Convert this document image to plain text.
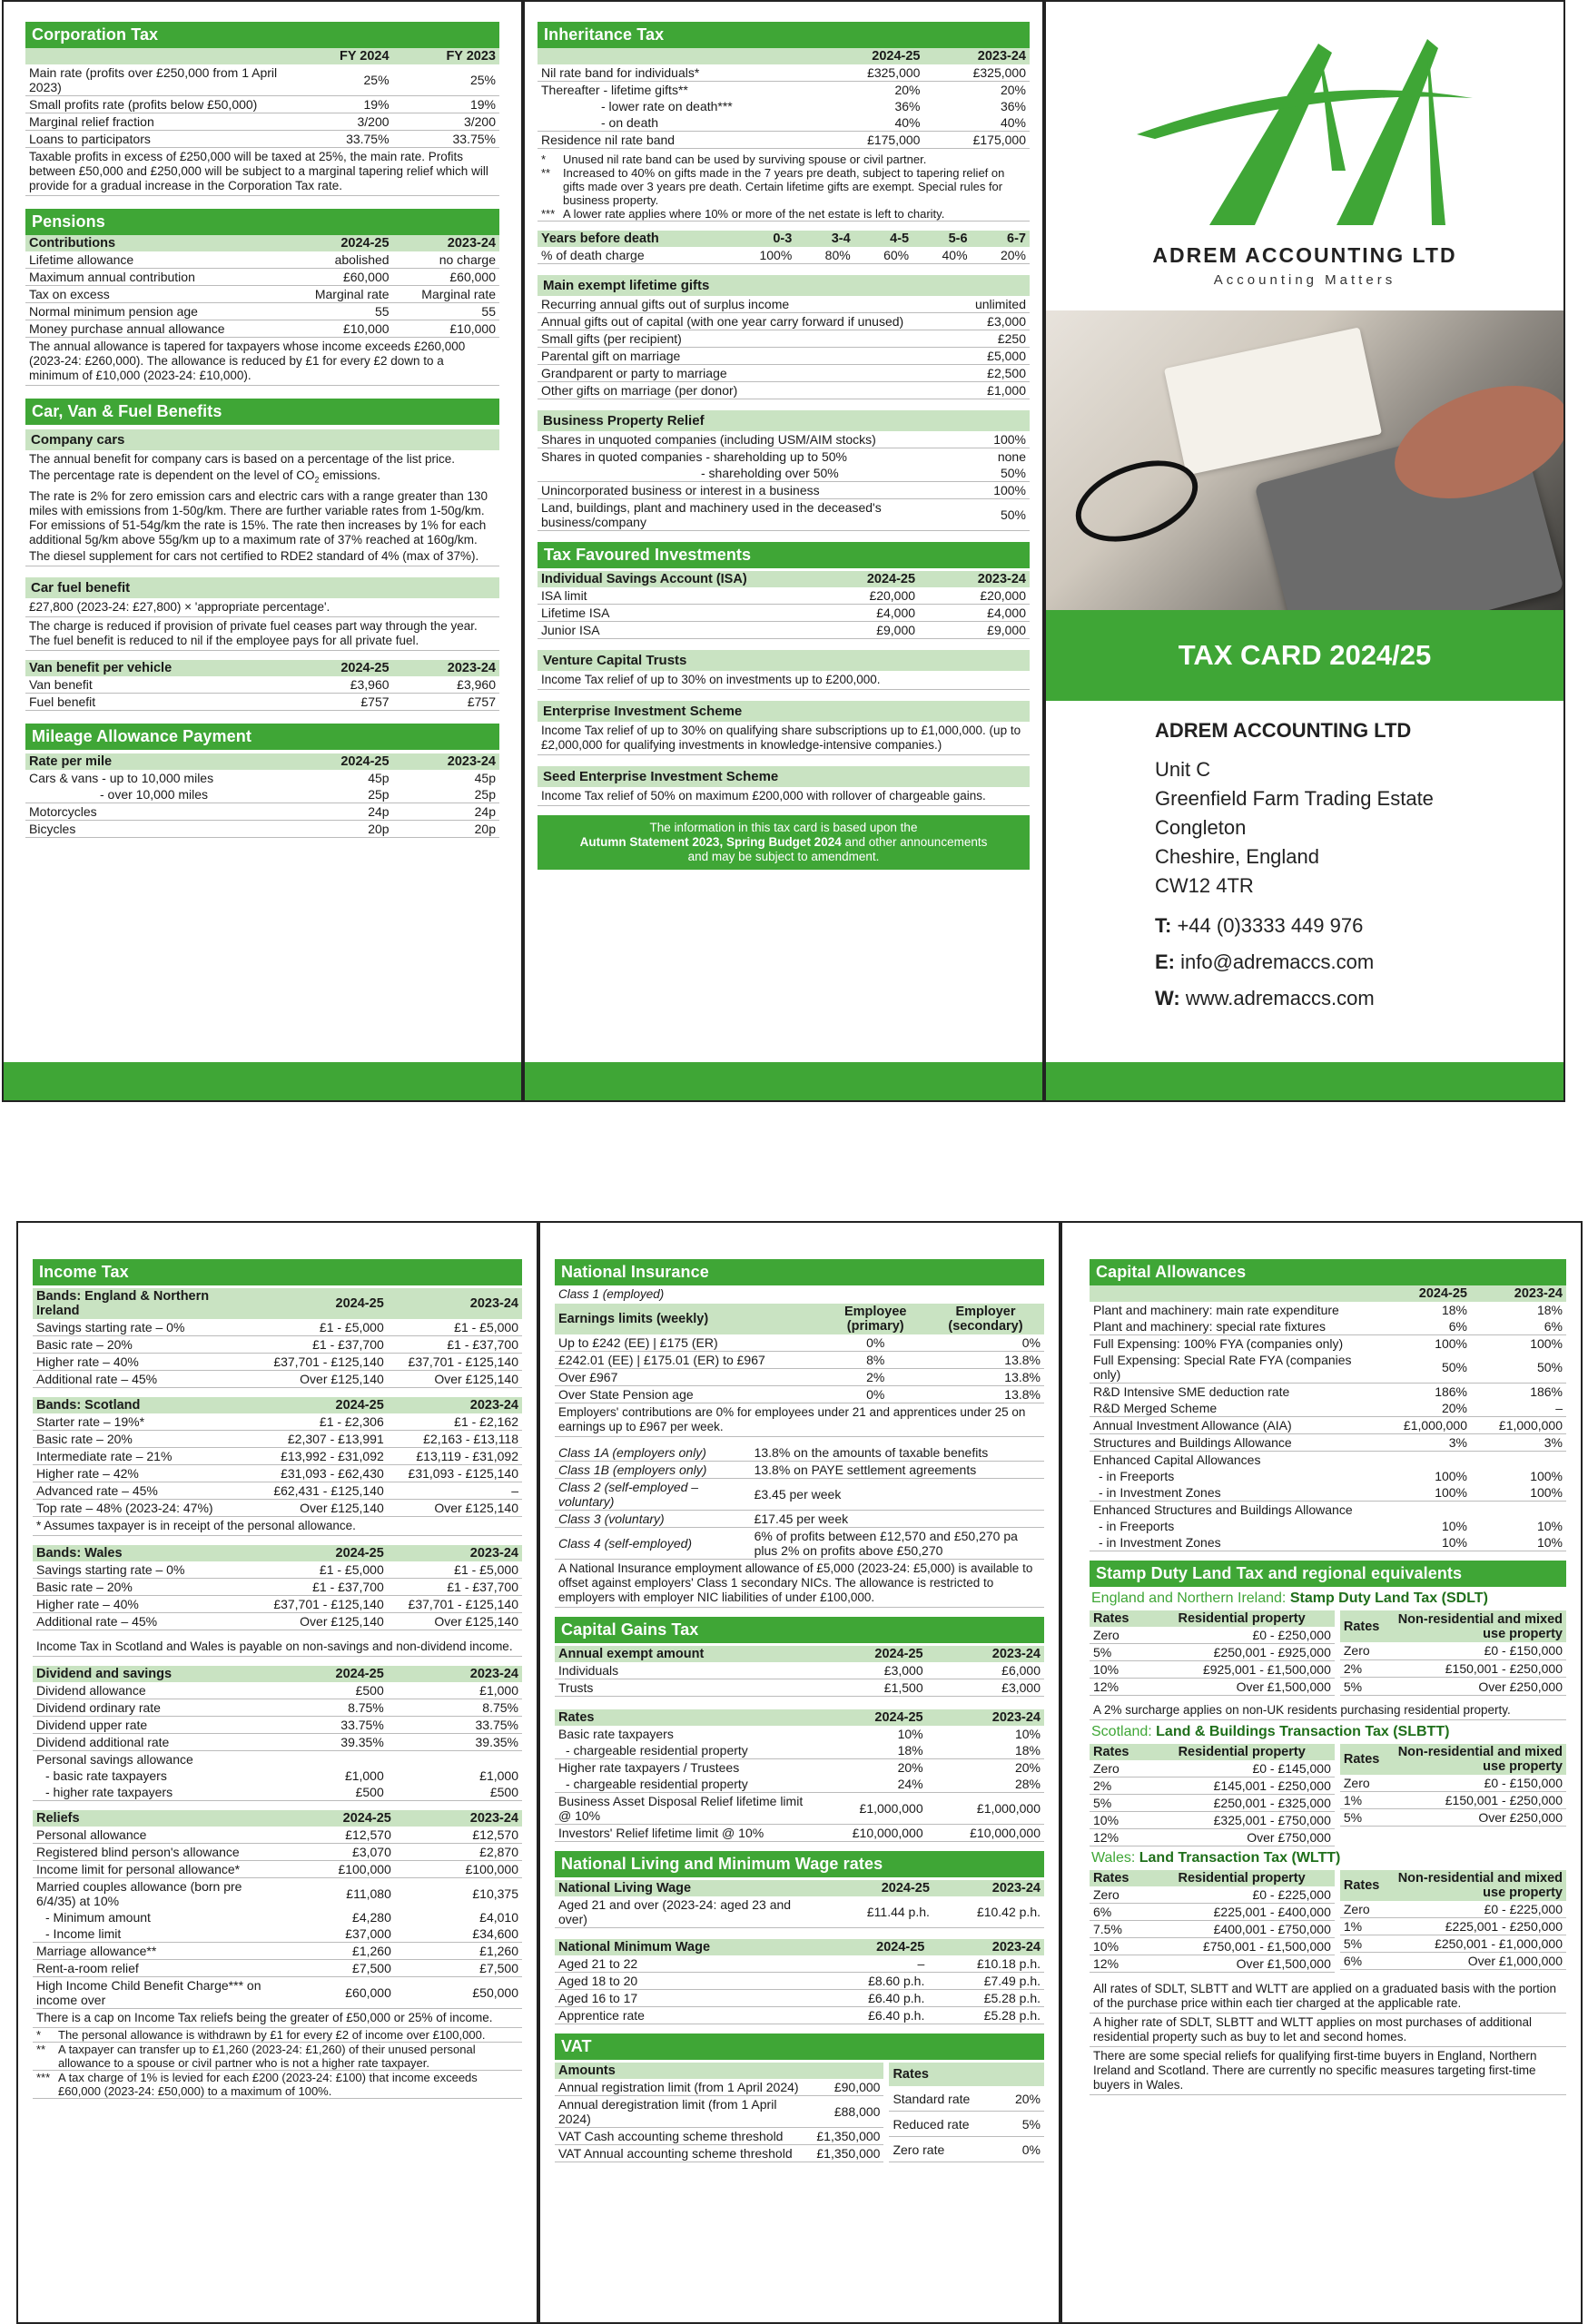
Corporation Tax
	FY 2024	FY 2023
Main rate (profits over £250,000 from 1 April 2023)	25%	25%
Small profits rate (profits below £50,000)	19%	19%
Marginal relief fraction	3/200	3/200
Loans to participators	33.75%	33.75%
Taxable profits in excess of £250,000 will be taxed at 25%, the main rate. Profits between £50,000 and £250,000 will be subject to a marginal tapering relief which will provide for a gradual increase in the Corporation Tax rate.
Pensions
Contributions	2024-25	2023-24
Lifetime allowance	abolished	no charge
Maximum annual contribution	£60,000	£60,000
Tax on excess	Marginal rate	Marginal rate
Normal minimum pension age	55	55
Money purchase annual allowance	£10,000	£10,000
The annual allowance is tapered for taxpayers whose income exceeds £260,000 (2023-24: £260,000). The allowance is reduced by £1 for every £2 down to a minimum of £10,000 (2023-24: £10,000).
Car, Van & Fuel Benefits
Company cars
The annual benefit for company cars is based on a percentage of the list price.
The percentage rate is dependent on the level of $CO_2$ emissions.
The rate is 2% for zero emission cars and electric cars with a range greater than 130 miles with emissions from 1-50g/km. There are further variable rates from 1-50g/km. For emissions of 51-54g/km the rate is 15%. The rate then increases by 1% for each additional 5g/km above 55g/km up to a maximum rate of 37% reached at 160g/km.
The diesel supplement for cars not certified to RDE2 standard of 4% (max of 37%).
Car fuel benefit
£27,800 (2023-24: £27,800) × 'appropriate percentage'.
The charge is reduced if provision of private fuel ceases part way through the year. The fuel benefit is reduced to nil if the employee pays for all private fuel.
Van benefit per vehicle	2024-25	2023-24
Van benefit	£3,960	£3,960
Fuel benefit	£757	£757
Mileage Allowance Payment
Rate per mile	2024-25	2023-24
Cars & vans - up to 10,000 miles	45p	45p
- over 10,000 miles	25p	25p
Motorcycles	24p	24p
Bicycles	20p	20p
Inheritance Tax
	2024-25	2023-24
Nil rate band for individuals*	£325,000	£325,000
Thereafter - lifetime gifts**	20%	20%
- lower rate on death***	36%	36%
- on death	40%	40%
Residence nil rate band	£175,000	£175,000
*	Unused nil rate band can be used by surviving spouse or civil partner.
**	Increased to 40% on gifts made in the 7 years pre death, subject to tapering relief on gifts made over 3 years pre death. Certain lifetime gifts are exempt. Special rules for business property.
*** A lower rate applies where 10% or more of the net estate is left to charity.
Years before death	0-3	3-4	4-5	5-6	6-7
% of death charge	100%	80%	60%	40%	20%
Main exempt lifetime gifts
Recurring annual gifts out of surplus income	unlimited
Annual gifts out of capital (with one year carry forward if unused)	£3,000
Small gifts (per recipient)	£250
Parental gift on marriage	£5,000
Grandparent or party to marriage	£2,500
Other gifts on marriage (per donor)	£1,000
Business Property Relief
Shares in unquoted companies (including USM/AIM stocks)	100%
Shares in quoted companies - shareholding up to 50%	none
- shareholding over 50%	50%
Unincorporated business or interest in a business	100%
Land, buildings, plant and machinery used in the deceased's business/company	50%
Tax Favoured Investments
Individual Savings Account (ISA)	2024-25	2023-24
ISA limit	£20,000	£20,000
Lifetime ISA	£4,000	£4,000
Junior ISA	£9,000	£9,000
Venture Capital Trusts
Income Tax relief of up to 30% on investments up to £200,000.
Enterprise Investment Scheme
Income Tax relief of up to 30% on qualifying share subscriptions up to £1,000,000. (up to £2,000,000 for qualifying investments in knowledge-intensive companies.)
Seed Enterprise Investment Scheme
Income Tax relief of 50% on maximum £200,000 with rollover of chargeable gains.
The information in this tax card is based upon the
Autumn Statement 2023, Spring Budget 2024 and other announcements
and may be subject to amendment.
ADREM ACCOUNTING LTD
Accounting Matters
TAX CARD 2024/25
ADREM ACCOUNTING LTD
Unit C
Greenfield Farm Trading Estate
Congleton
Cheshire, England
CW12 4TR
T: +44 (0)3333 449 976
E: info@adremaccs.com
W: www.adremaccs.com
Income Tax
Bands: England & Northern Ireland	2024-25	2023-24
Savings starting rate – 0%	£1 - £5,000	£1 - £5,000
Basic rate – 20%	£1 - £37,700	£1 - £37,700
Higher rate – 40%	£37,701 - £125,140	£37,701 - £125,140
Additional rate – 45%	Over £125,140	Over £125,140
Bands: Scotland	2024-25	2023-24
Starter rate – 19%*	£1 - £2,306	£1 - £2,162
Basic rate – 20%	£2,307 - £13,991	£2,163 - £13,118
Intermediate rate – 21%	£13,992 - £31,092	£13,119 - £31,092
Higher rate – 42%	£31,093 - £62,430	£31,093 - £125,140
Advanced rate – 45%	£62,431 - £125,140	–
Top rate – 48% (2023-24: 47%)	Over £125,140	Over £125,140
* Assumes taxpayer is in receipt of the personal allowance.
Bands: Wales	2024-25	2023-24
Savings starting rate – 0%	£1 - £5,000	£1 - £5,000
Basic rate – 20%	£1 - £37,700	£1 - £37,700
Higher rate – 40%	£37,701 - £125,140	£37,701 - £125,140
Additional rate – 45%	Over £125,140	Over £125,140
Income Tax in Scotland and Wales is payable on non-savings and non-dividend income.
Dividend and savings	2024-25	2023-24
Dividend allowance	£500	£1,000
Dividend ordinary rate	8.75%	8.75%
Dividend upper rate	33.75%	33.75%
Dividend additional rate	39.35%	39.35%
Personal savings allowance		
- basic rate taxpayers	£1,000	£1,000
- higher rate taxpayers	£500	£500
Reliefs	2024-25	2023-24
Personal allowance	£12,570	£12,570
Registered blind person's allowance	£3,070	£2,870
Income limit for personal allowance*	£100,000	£100,000
Married couples allowance (born pre 6/4/35) at 10%	£11,080	£10,375
- Minimum amount	£4,280	£4,010
- Income limit	£37,000	£34,600
Marriage allowance**	£1,260	£1,260
Rent-a-room relief	£7,500	£7,500
High Income Child Benefit Charge*** on income over	£60,000	£50,000
There is a cap on Income Tax reliefs being the greater of £50,000 or 25% of income.
*	The personal allowance is withdrawn by £1 for every £2 of income over £100,000.
**	A taxpayer can transfer up to £1,260 (2023-24: £1,260) of their unused personal allowance to a spouse or civil partner who is not a higher rate taxpayer.
*** A tax charge of 1% is levied for each £200 (2023-24: £100) that income exceeds £60,000 (2023-24: £50,000) to a maximum of 100%.
National Insurance
Class 1 (employed)
Earnings limits (weekly)	Employee (primary)	Employer (secondary)
Up to £242 (EE) | £175 (ER)	0%	0%
£242.01 (EE) | £175.01 (ER) to £967	8%	13.8%
Over £967	2%	13.8%
Over State Pension age	0%	13.8%
Employers' contributions are 0% for employees under 21 and apprentices under 25 on earnings up to £967 per week.
Class 1A (employers only)	13.8% on the amounts of taxable benefits
Class 1B (employers only)	13.8% on PAYE settlement agreements
Class 2 (self-employed – voluntary)	£3.45 per week
Class 3 (voluntary)	£17.45 per week
Class 4 (self-employed)	6% of profits between £12,570 and £50,270 pa plus 2% on profits above £50,270
A National Insurance employment allowance of £5,000 (2023-24: £5,000) is available to offset against employers' Class 1 secondary NICs. The allowance is restricted to employers with employer NIC liabilities of under £100,000.
Capital Gains Tax
Annual exempt amount	2024-25	2023-24
Individuals	£3,000	£6,000
Trusts	£1,500	£3,000
Rates	2024-25	2023-24
Basic rate taxpayers	10%	10%
- chargeable residential property	18%	18%
Higher rate taxpayers / Trustees	20%	20%
- chargeable residential property	24%	28%
Business Asset Disposal Relief lifetime limit @ 10%	£1,000,000	£1,000,000
Investors' Relief lifetime limit @ 10%	£10,000,000	£10,000,000
National Living and Minimum Wage rates
National Living Wage	2024-25	2023-24
Aged 21 and over (2023-24: aged 23 and over)	£11.44 p.h.	£10.42 p.h.
National Minimum Wage	2024-25	2023-24
Aged 21 to 22	–	£10.18 p.h.
Aged 18 to 20	£8.60 p.h.	£7.49 p.h.
Aged 16 to 17	£6.40 p.h.	£5.28 p.h.
Apprentice rate	£6.40 p.h.	£5.28 p.h.
VAT
Amounts	
Annual registration limit (from 1 April 2024)	£90,000
Annual deregistration limit (from 1 April 2024)	£88,000
VAT Cash accounting scheme threshold	£1,350,000
VAT Annual accounting scheme threshold	£1,350,000
Rates	
Standard rate	20%
Reduced rate	5%
Zero rate	0%
Capital Allowances
	2024-25	2023-24
Plant and machinery: main rate expenditure	18%	18%
Plant and machinery: special rate fixtures	6%	6%
Full Expensing: 100% FYA (companies only)	100%	100%
Full Expensing: Special Rate FYA (companies only)	50%	50%
R&D Intensive SME deduction rate	186%	186%
R&D Merged Scheme	20%	–
Annual Investment Allowance (AIA)	£1,000,000	£1,000,000
Structures and Buildings Allowance	3%	3%
Enhanced Capital Allowances		
- in Freeports	100%	100%
- in Investment Zones	100%	100%
Enhanced Structures and Buildings Allowance		
- in Freeports	10%	10%
- in Investment Zones	10%	10%
Stamp Duty Land Tax and regional equivalents
England and Northern Ireland: Stamp Duty Land Tax (SDLT)
Rates	Residential property
Zero	£0 - £250,000
5%	£250,001 - £925,000
10%	£925,001 - £1,500,000
12%	Over £1,500,000
Rates	Non-residential and mixed use property
Zero	£0 - £150,000
2%	£150,001 - £250,000
5%	Over £250,000
A 2% surcharge applies on non-UK residents purchasing residential property.
Scotland: Land & Buildings Transaction Tax (SLBTT)
Rates	Residential property
Zero	£0 - £145,000
2%	£145,001 - £250,000
5%	£250,001 - £325,000
10%	£325,001 - £750,000
12%	Over £750,000
Rates	Non-residential and mixed use property
Zero	£0 - £150,000
1%	£150,001 - £250,000
5%	Over £250,000
Wales: Land Transaction Tax (WLTT)
Rates	Residential property
Zero	£0 - £225,000
6%	£225,001 - £400,000
7.5%	£400,001 - £750,000
10%	£750,001 - £1,500,000
12%	Over £1,500,000
Rates	Non-residential and mixed use property
Zero	£0 - £225,000
1%	£225,001 - £250,000
5%	£250,001 - £1,000,000
6%	Over £1,000,000
All rates of SDLT, SLBTT and WLTT are applied on a graduated basis with the portion of the purchase price within each tier charged at the applicable rate.
A higher rate of SDLT, SLBTT and WLTT applies on most purchases of additional residential property such as buy to let and second homes.
There are some special reliefs for qualifying first-time buyers in England, Northern Ireland and Scotland. There are currently no specific measures targeting first-time buyers in Wales.
